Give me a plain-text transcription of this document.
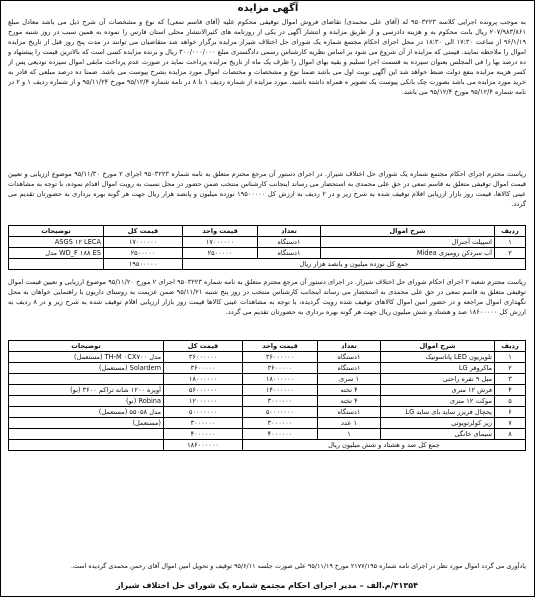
آگهی مزایده
به موجب پرونده اجرایی کلاسه ۹۵۰۳۲۲۳ له (آقای علی محمدی) تقاضای فروش اموال توقیفی محکوم علیه (آقای قاسم تمعی) که نوع و مشخصات آن شرح ذیل می باشد معادل مبلغ ۲۰۷/۹۸۳/۸۶۱ ریال بابت محکوم به و هزینه دادرسی و از طریق مزایده و انتشار آگهی در یکی از روزنامه های کثیرالانتشار محلی استان فارس را نموده به همین سبب در روز شنبه مورخ ۹۶/۱/۱۹ از ساعت ۱۷:۳۰ الی ۱۸:۳۰ در محل اجرای احکام مجتمع شماره یک شورای حل اختلاف شیراز مزایده برگزار خواهد شد متقاضیان می توانند در مدت پنج روز قبل از تاریخ مزایده اموال را ملاحظه نمایند. قیمتی که مزایده از آن شروع می شود بر اساس نظریه کارشناس رسمی دادگستری مبلغ ۳۰۰/۰۰۰/۰۰۰ ریال و برنده مزایده کسی است که بالاترین قیمت را پیشنهاد و ده درصد بها را فی المجلس بعنوان سپرده به قسمت اجرا تسلیم و بقیه بهای اموال را ظرف یک ماه از تاریخ مزایده پرداخت نماید در صورت عدم پرداخت مابقی اموال سپرده تودیعی پس از کسر هزینه مزایده بنفع دولت ضبط خواهد شد این آگهی نوبت اول می باشد ضمنا نوع و مشخصات و مختصات اموال مورد مزایده بشرح پیوست می باشد. ضمنا ده درصد مبلغی که قادر به خرید مورد مزایده می باشد بصورت چک بانکی پیوست یک تصویر ه همراه داشته باشید. مورد مزایده از شماره ردیف ۱ تا ۸ در نامه شماره ۹۵/۱۲/۴ مورخ ۹۵/۱۱/۲۴ و از شماره ردیف ۱ و ۲ در نامه شماره ۹۵/۱۲/۴ مورخ ۹۵/۱۲/۴ می باشد.
ریاست محترم اجرای احکام مجتمع شماره یک شورای حل اختلاف شیراز. در اجرای دستور آن مرجع محترم متعلق به نامه شماره ۹۵۰۳۲۲۳ اجرای ۲ مورخ ۹۵/۱۱/۳۰ موضوع ارزیابی و تعیین قیمت اموال توقیفی متعلق به قاسم تمعی در حق علی محمدی به استحضار می رساند اینجانب کارشناس منتخب ضمن حضور در محل نسبت به رویت اموال اقدام نموده، با توجه به مشاهدات عینی کالاها، قیمت روز بازار ارزیابی اقلام توقیف شده به شرح زیر و در ۲ ردیف به ارزش کل ۱۹۵۰۰۰۰۰ نوزده میلیون و پانصد هزار ریال جهت هر گونه بهره برداری به حضورتان تقدیم می گردد.
ردیف	شرح اموال	تعداد	قیمت واحد	قیمت کل	توضیحات
۱	اسپیلت آجنرال	۱دستگاه	۱۷۰۰۰۰۰۰	۱۷۰۰۰۰۰۰	ASGS ۱۲ LECA
۲	آب سردکن رومیزی Midea	۱دستگاه	۲۵۰۰۰۰۰	۲۵۰۰۰۰۰	WD_F ۱۸۸ ES مدل
جمع کل نوزده میلیون و پانصد هزار ریال				۱۹۵۰۰۰۰۰	
ریاست محترم شعبه ۲ اجرای احکام شورای حل اختلاف شیراز. در اجرای دستور آن مرجع محترم متعلق به نامه شماره ۹۵۰۳۲۲۳ اجرای ۲ مورخ ۹۵/۱۱/۲۰ موضوع ارزیابی و تعیین قیمت اموال توقیفی متعلق به قاسم تمعی در حق علی محمدی به استحضار می رساند اینجانب کارشناس منتخب در روز پنج شنبه ۹۵/۱۱/۲۱ ضمن عزیمت به روستای داریون با راهنمایی خواهان به محل نگهداری اموال مراجعه و در حضور امین اموال کالاهای توقیف شده رویت گردیده، با توجه به مشاهدات عینی کالاها قیمت روز بازار ارزیابی اقلام توقیف شده به شرح زیر و در ۸ ردیف به ارزش کل ۱۸۶۰۰۰۰۰ صد و هشتاد و شش میلیون ریال جهت هر گونه بهره برداری به حضورتان تقدیم می گردد.
ردیف	شرح اموال	تعداد	قیمت واحد	قیمت کل	توضیحات
۱	تلویزیون LED پاناسونیک	۱دستگاه	۳۶۰۰۰۰۰۰	۳۶۰۰۰۰۰۰	مدل TH-M ۰CX۷۰۰ (مستعمل)
۲	ماکروفر LG	۱دستگاه	۳۶۰۰۰۰۰	۳۶۰۰۰۰۰	Solardem (مستعمل)
۳	مبل ۹ نفره راحتی	۱ سری	۱۸۰۰۰۰۰۰	۱۸۰۰۰۰۰۰	
۴	فرش ۱۲ متری	۴ تخته	۱۴۰۰۰۰۰۰	۵۶۰۰۰۰۰۰	آویزه ۱۲۰۰ شانه تراکم ۳۶۰۰ (نو)
۵	موکت ۱۲ متری	۴ تخته	۳۰۰۰۰۰۰	۱۲۰۰۰۰۰۰	Robina (نو)
۶	یخچال فریزر ساید بای ساید LG	۱دستگاه	۵۰۰۰۰۰۰۰	۵۰۰۰۰۰۰۰	مدل ۵۵۰۵۸ (مستعمل)
۷	زیر کولرتویوتی	۱ عدد	۳۰۰۰۰۰۰	۳۰۰۰۰۰۰	(مستعمل)
۸	سیمای خانگی	۱	۴۰۰۰۰۰۰	۴۰۰۰۰۰۰	
جمع کل صد و هشتاد و شش میلیون ریال				۱۸۶۰۰۰۰۰۰	
یادآوری می گردد اموال مورد نظر در اجرای نامه شماره ۲۱۷۷/۱۹۵ مورخ ۹۵/۱۱/۱۹ علی صورت جلسه ۹۵/۶/۱۱ توقیف و تحویل امین اموال آقای رحمن محمدی گردیده است.
۳۱۳۵۴/م.الف – مدیر اجرای احکام مجتمع شماره یک شورای حل اختلاف شیراز
